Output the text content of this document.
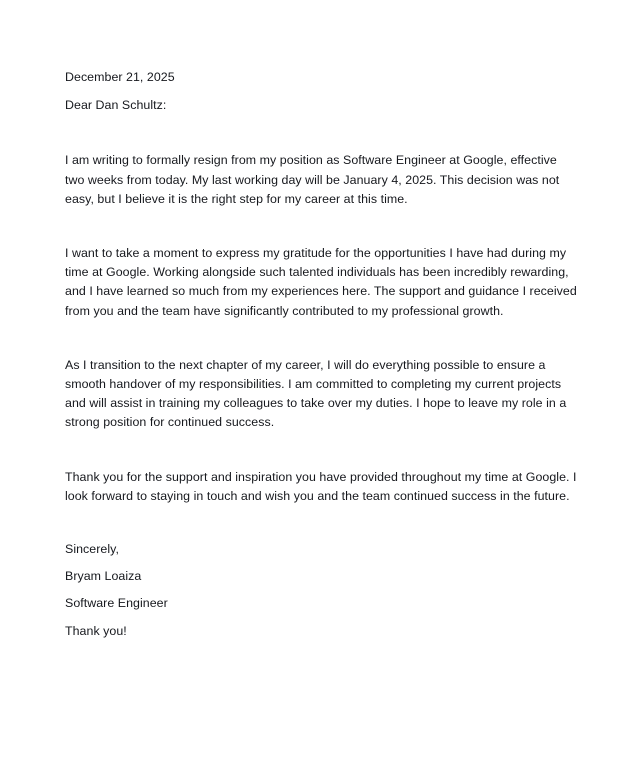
December 21, 2025

Dear Dan Schultz:

I am writing to formally resign from my position as Software Engineer at Google, effective two weeks from today. My last working day will be January 4, 2025. This decision was not easy, but I believe it is the right step for my career at this time.

I want to take a moment to express my gratitude for the opportunities I have had during my time at Google. Working alongside such talented individuals has been incredibly rewarding, and I have learned so much from my experiences here. The support and guidance I received from you and the team have significantly contributed to my professional growth.

As I transition to the next chapter of my career, I will do everything possible to ensure a smooth handover of my responsibilities. I am committed to completing my current projects and will assist in training my colleagues to take over my duties. I hope to leave my role in a strong position for continued success.

Thank you for the support and inspiration you have provided throughout my time at Google. I look forward to staying in touch and wish you and the team continued success in the future.

Sincerely,

Bryam Loaiza

Software Engineer

Thank you!
